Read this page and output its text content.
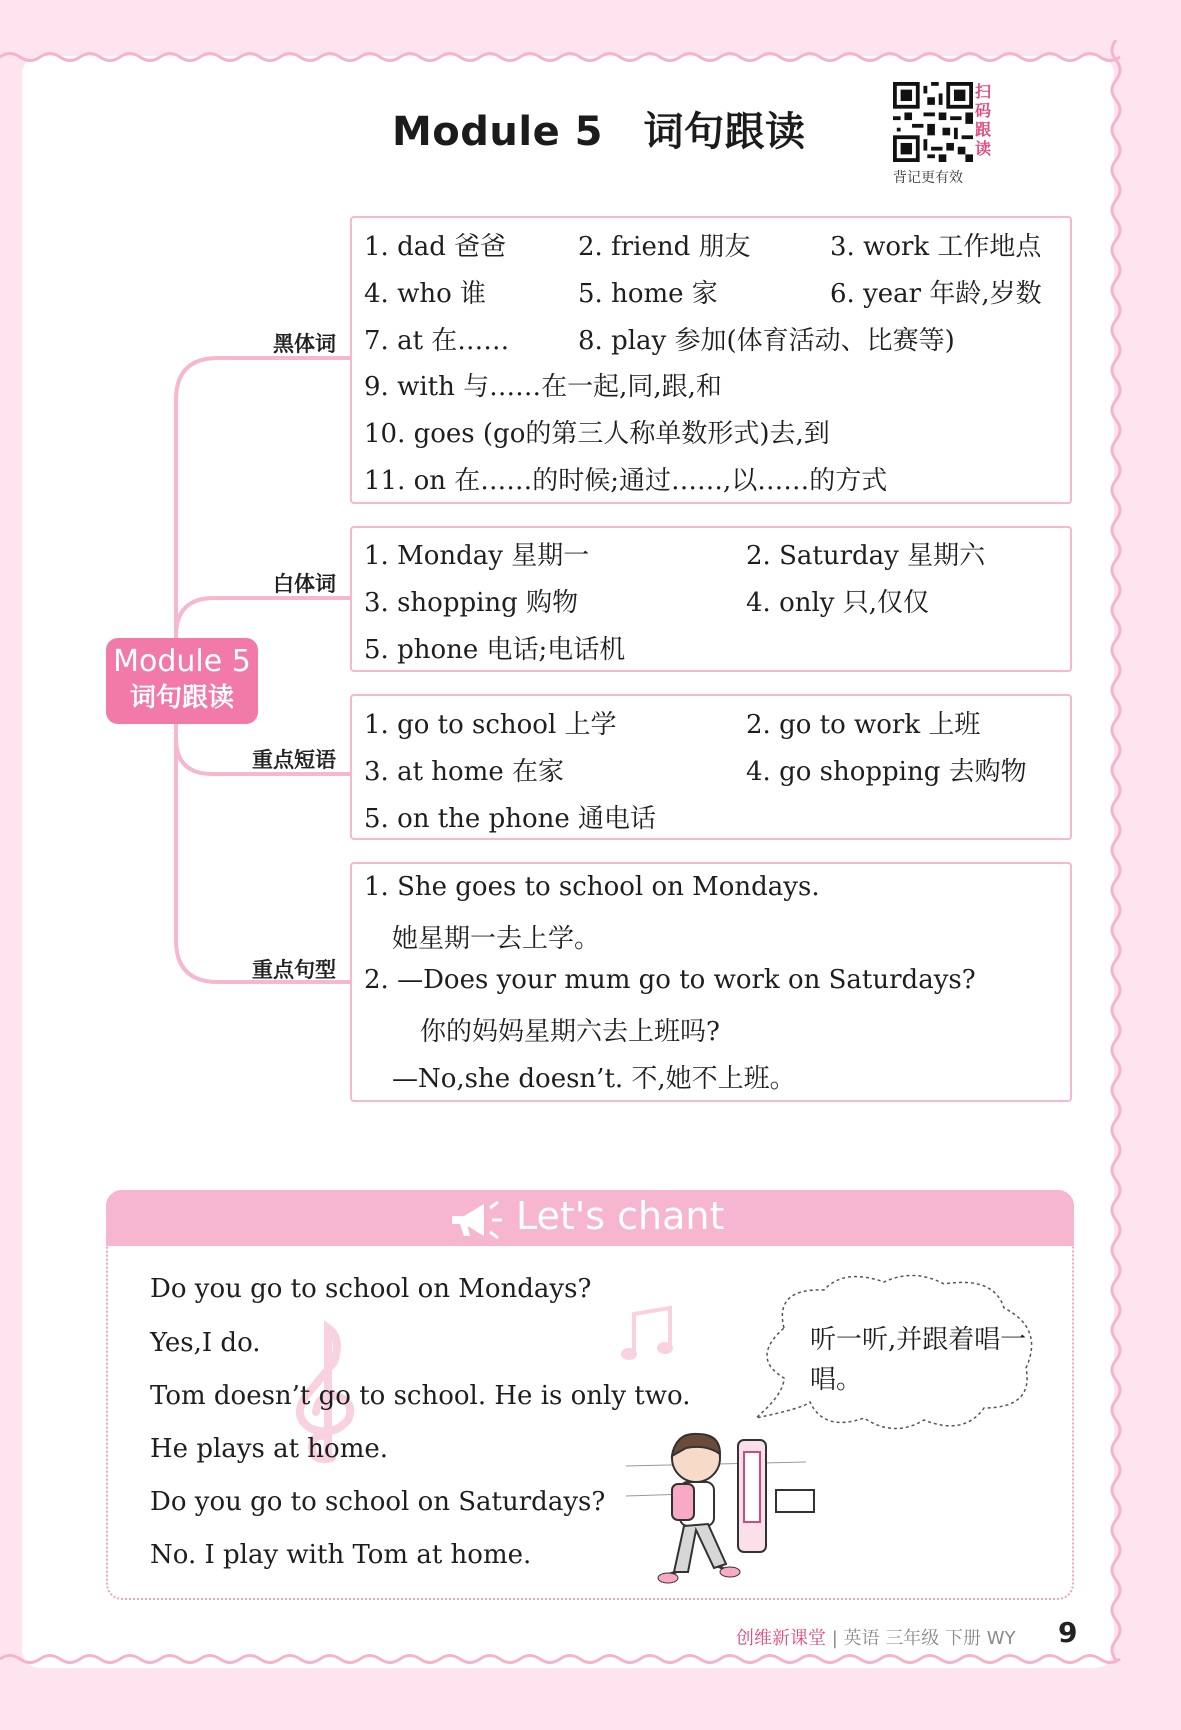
Module 5　词句跟读
扫
码
跟
读
背记更有效
Module 5
词句跟读
黑体词
1. dad 爸爸	2. friend 朋友	3. work 工作地点
4. who 谁	5. home 家	6. year 年龄,岁数
7. at 在……	8. play 参加(体育活动、比赛等)
9. with 与……在一起,同,跟,和
10. goes (go的第三人称单数形式)去,到
11. on 在……的时候;通过……,以……的方式
白体词
1. Monday 星期一	2. Saturday 星期六
3. shopping 购物	4. only 只,仅仅
5. phone 电话;电话机
重点短语
1. go to school 上学	2. go to work 上班
3. at home 在家	4. go shopping 去购物
5. on the phone 通电话
重点句型
1. She goes to school on Mondays.
她星期一去上学。
2. —Does your mum go to work on Saturdays?
你的妈妈星期六去上班吗?
—No,she doesn’t. 不,她不上班。
Let's chant
Do you go to school on Mondays?
Yes,I do.
Tom doesn’t go to school. He is only two.
He plays at home.
Do you go to school on Saturdays?
No. I play with Tom at home.
听一听,并跟着唱一唱。
创维新课堂 | 英语 三年级 下册 WY 9
